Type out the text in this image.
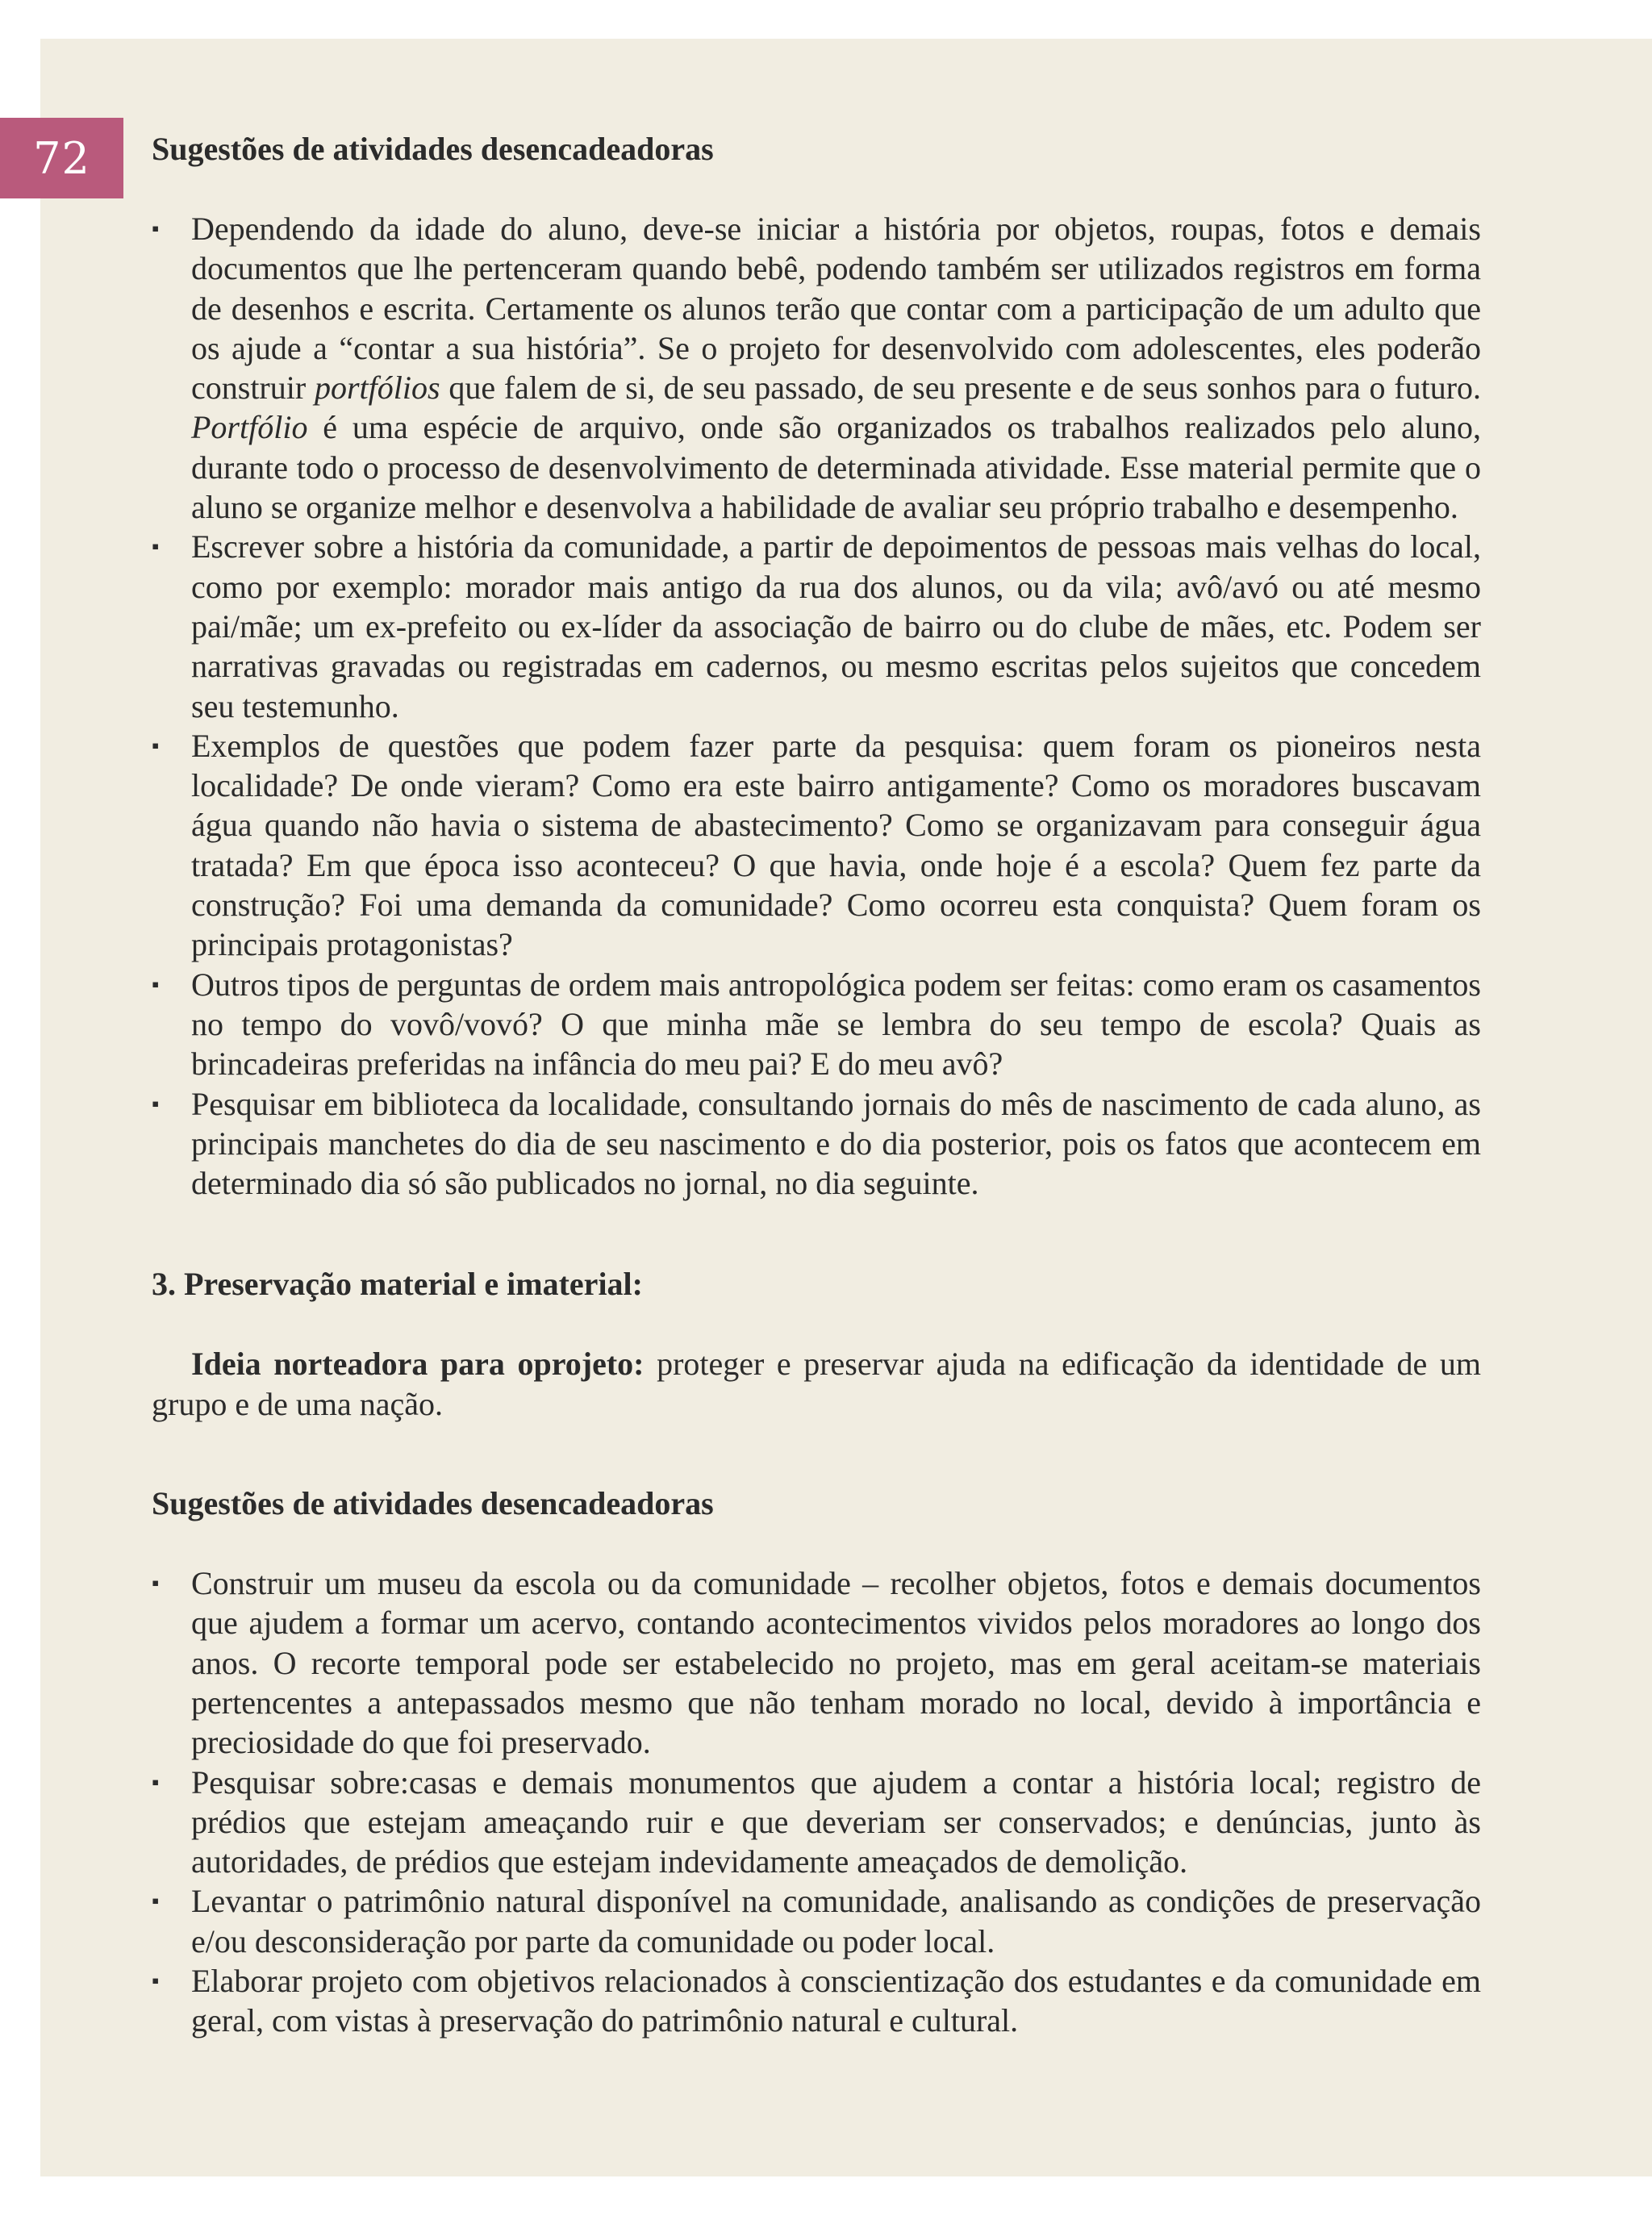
72 Sugestões de atividades desencadeadoras
▪ Dependendo da idade do aluno, deve-se iniciar a história por objetos, roupas, fotos e demais documentos que lhe pertenceram quando bebê, podendo também ser utilizados registros em forma de desenhos e escrita. Certamente os alunos terão que contar com a participação de um adulto que os ajude a “contar a sua história”. Se o projeto for desenvolvido com adolescentes, eles poderão construir portfólios que falem de si, de seu passado, de seu presente e de seus sonhos para o futuro. Portfólio é uma espécie de arquivo, onde são organizados os trabalhos realizados pelo aluno, durante todo o processo de desenvolvimento de determinada atividade. Esse material permite que o aluno se organize melhor e desenvolva a habilidade de avaliar seu próprio trabalho e desempenho.
▪ Escrever sobre a história da comunidade, a partir de depoimentos de pessoas mais velhas do local, como por exemplo: morador mais antigo da rua dos alunos, ou da vila; avô/avó ou até mesmo pai/mãe; um ex-prefeito ou ex-líder da associação de bairro ou do clube de mães, etc. Podem ser narrativas gravadas ou registradas em cadernos, ou mesmo escritas pelos sujeitos que concedem seu testemunho.
▪ Exemplos de questões que podem fazer parte da pesquisa: quem foram os pioneiros nesta localidade? De onde vieram? Como era este bairro antigamente? Como os moradores buscavam água quando não havia o sistema de abastecimento? Como se organizavam para conseguir água tratada? Em que época isso aconteceu? O que havia, onde hoje é a escola? Quem fez parte da construção? Foi uma demanda da comunidade? Como ocorreu esta conquista? Quem foram os principais protagonistas?
▪ Outros tipos de perguntas de ordem mais antropológica podem ser feitas: como eram os casamentos no tempo do vovô/vovó? O que minha mãe se lembra do seu tempo de escola? Quais as brincadeiras preferidas na infância do meu pai? E do meu avô?
▪ Pesquisar em biblioteca da localidade, consultando jornais do mês de nascimento de cada aluno, as principais manchetes do dia de seu nascimento e do dia posterior, pois os fatos que acontecem em determinado dia só são publicados no jornal, no dia seguinte.
3. Preservação material e imaterial:

Ideia norteadora para oprojeto: proteger e preservar ajuda na edificação da identidade de um grupo e de uma nação.

Sugestões de atividades desencadeadoras
▪ Construir um museu da escola ou da comunidade – recolher objetos, fotos e demais documentos que ajudem a formar um acervo, contando acontecimentos vividos pelos moradores ao longo dos anos. O recorte temporal pode ser estabelecido no projeto, mas em geral aceitam-se materiais pertencentes a antepassados mesmo que não tenham morado no local, devido à importância e preciosidade do que foi preservado.
▪ Pesquisar sobre:casas e demais monumentos que ajudem a contar a história local; registro de prédios que estejam ameaçando ruir e que deveriam ser conservados; e denúncias, junto às autoridades, de prédios que estejam indevidamente ameaçados de demolição.
▪ Levantar o patrimônio natural disponível na comunidade, analisando as condições de preservação e/ou desconsideração por parte da comunidade ou poder local.
▪ Elaborar projeto com objetivos relacionados à conscientização dos estudantes e da comunidade em geral, com vistas à preservação do patrimônio natural e cultural.
